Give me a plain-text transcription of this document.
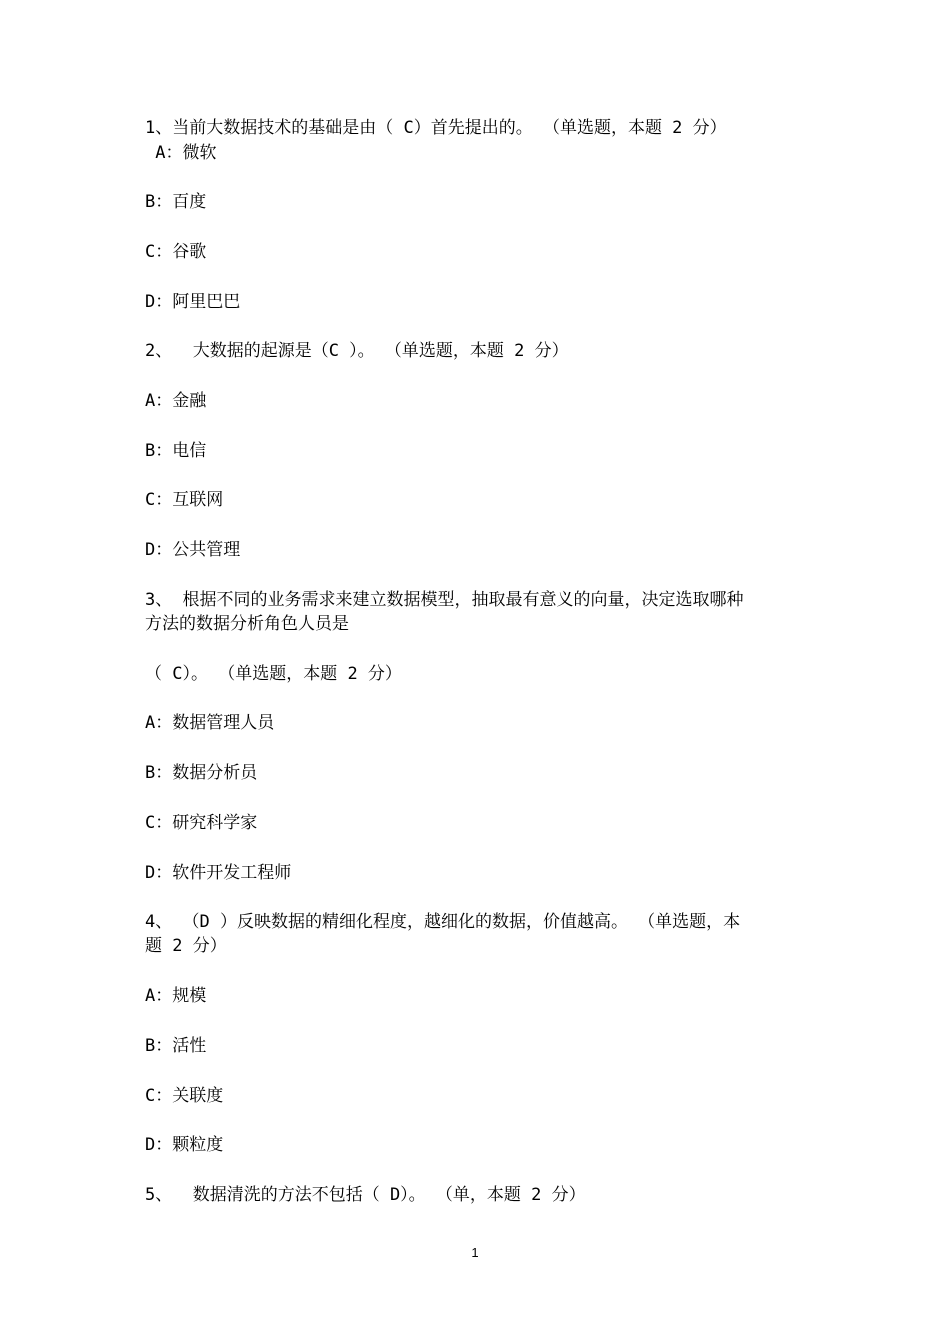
1、当前大数据技术的基础是由（ C）首先提出的。 （单选题，本题 2 分）
A：微软
B：百度
C：谷歌
D：阿里巴巴
2、  大数据的起源是（C ）。 （单选题，本题 2 分）
A：金融
B：电信
C：互联网
D：公共管理
3、 根据不同的业务需求来建立数据模型，抽取最有意义的向量，决定选取哪种
方法的数据分析角色人员是
（ C）。 （单选题，本题 2 分）
A：数据管理人员
B：数据分析员
C：研究科学家
D：软件开发工程师
4、 （D ）反映数据的精细化程度，越细化的数据，价值越高。 （单选题，本
题 2 分）
A：规模
B：活性
C：关联度
D：颗粒度
5、  数据清洗的方法不包括（ D）。 （单，本题 2 分）
1
